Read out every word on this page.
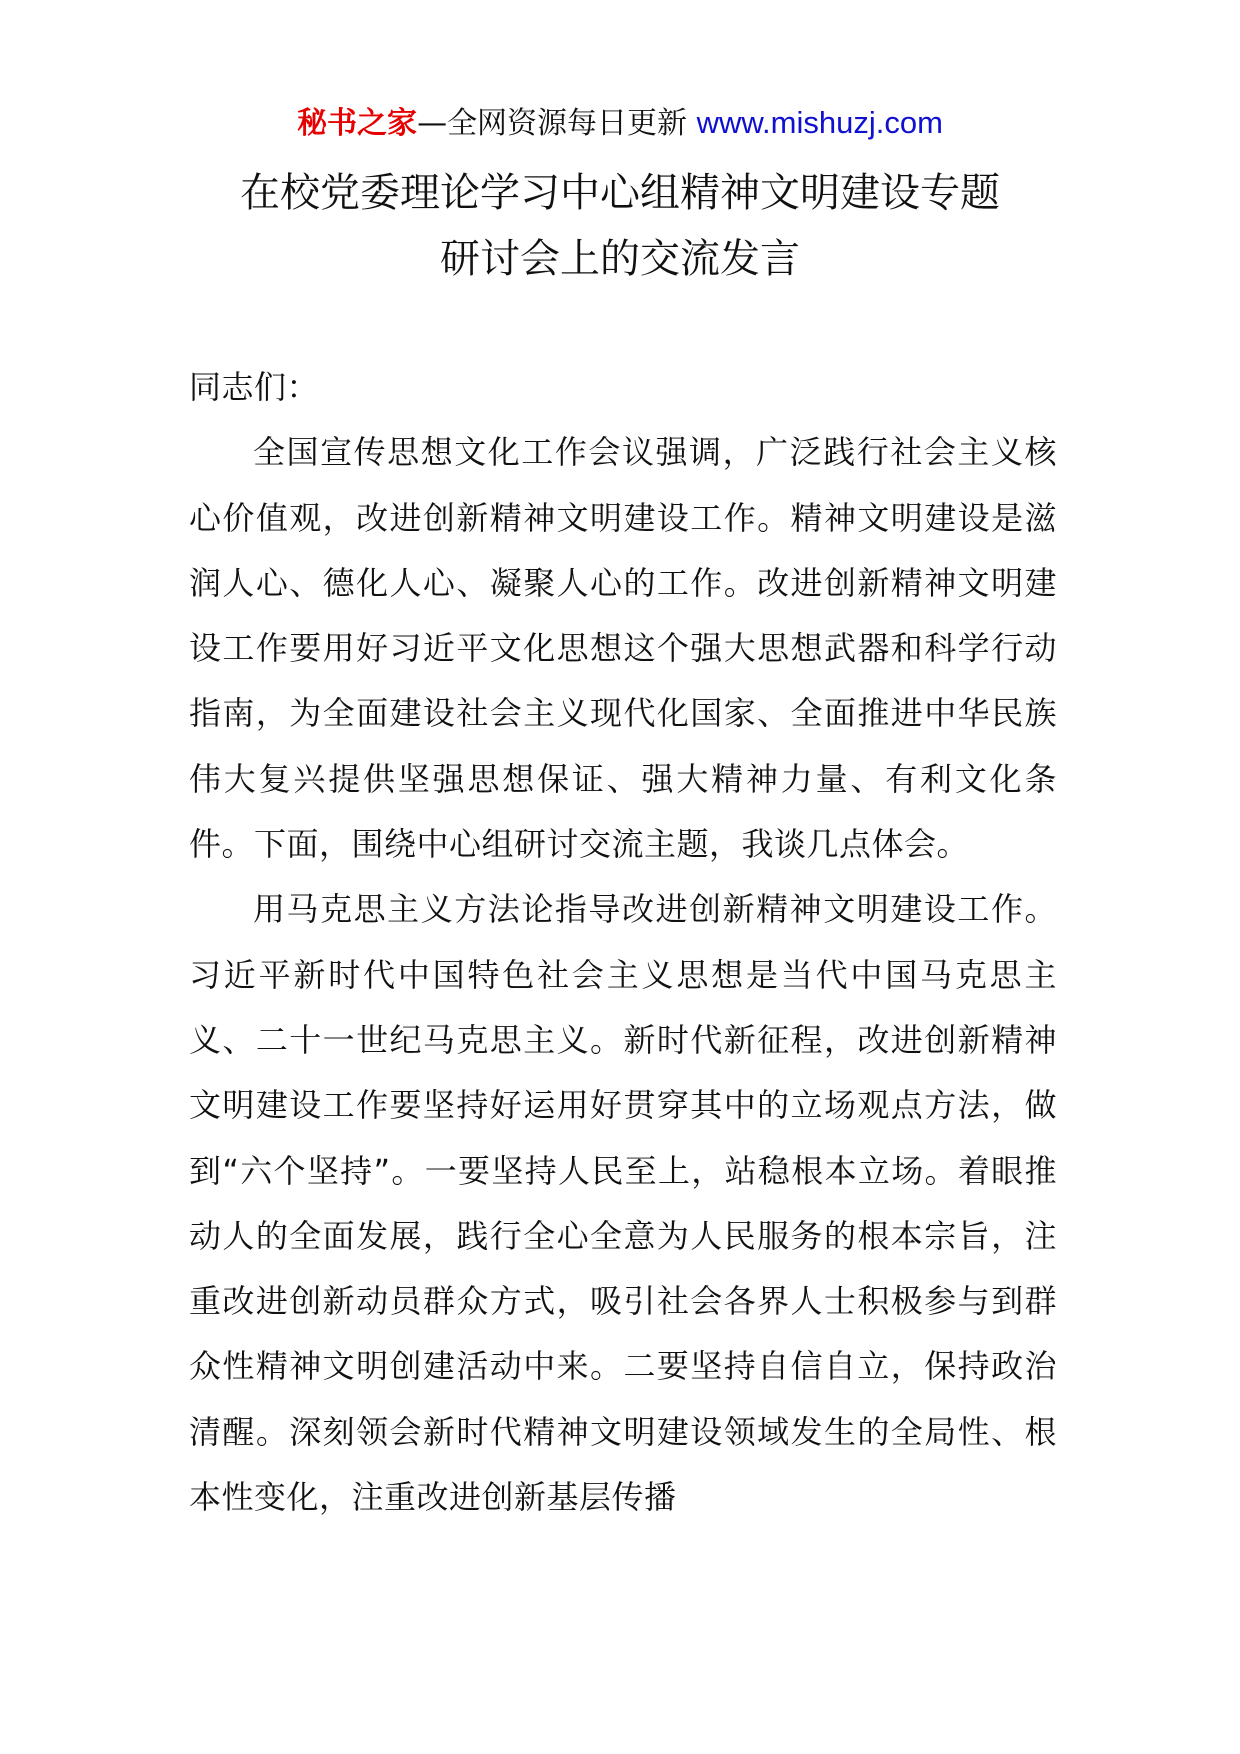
秘书之家—全网资源每日更新 www.mishuzj.com
在校党委理论学习中心组精神文明建设专题
研讨会上的交流发言

同志们：

全国宣传思想文化工作会议强调，广泛践行社会主义核心价值观，改进创新精神文明建设工作。精神文明建设是滋润人心、德化人心、凝聚人心的工作。改进创新精神文明建设工作要用好习近平文化思想这个强大思想武器和科学行动指南，为全面建设社会主义现代化国家、全面推进中华民族伟大复兴提供坚强思想保证、强大精神力量、有利文化条件。下面，围绕中心组研讨交流主题，我谈几点体会。

用马克思主义方法论指导改进创新精神文明建设工作。习近平新时代中国特色社会主义思想是当代中国马克思主义、二十一世纪马克思主义。新时代新征程，改进创新精神文明建设工作要坚持好运用好贯穿其中的立场观点方法，做到“六个坚持”。一要坚持人民至上，站稳根本立场。着眼推动人的全面发展，践行全心全意为人民服务的根本宗旨，注重改进创新动员群众方式，吸引社会各界人士积极参与到群众性精神文明创建活动中来。二要坚持自信自立，保持政治清醒。深刻领会新时代精神文明建设领域发生的全局性、根本性变化，注重改进创新基层传播
